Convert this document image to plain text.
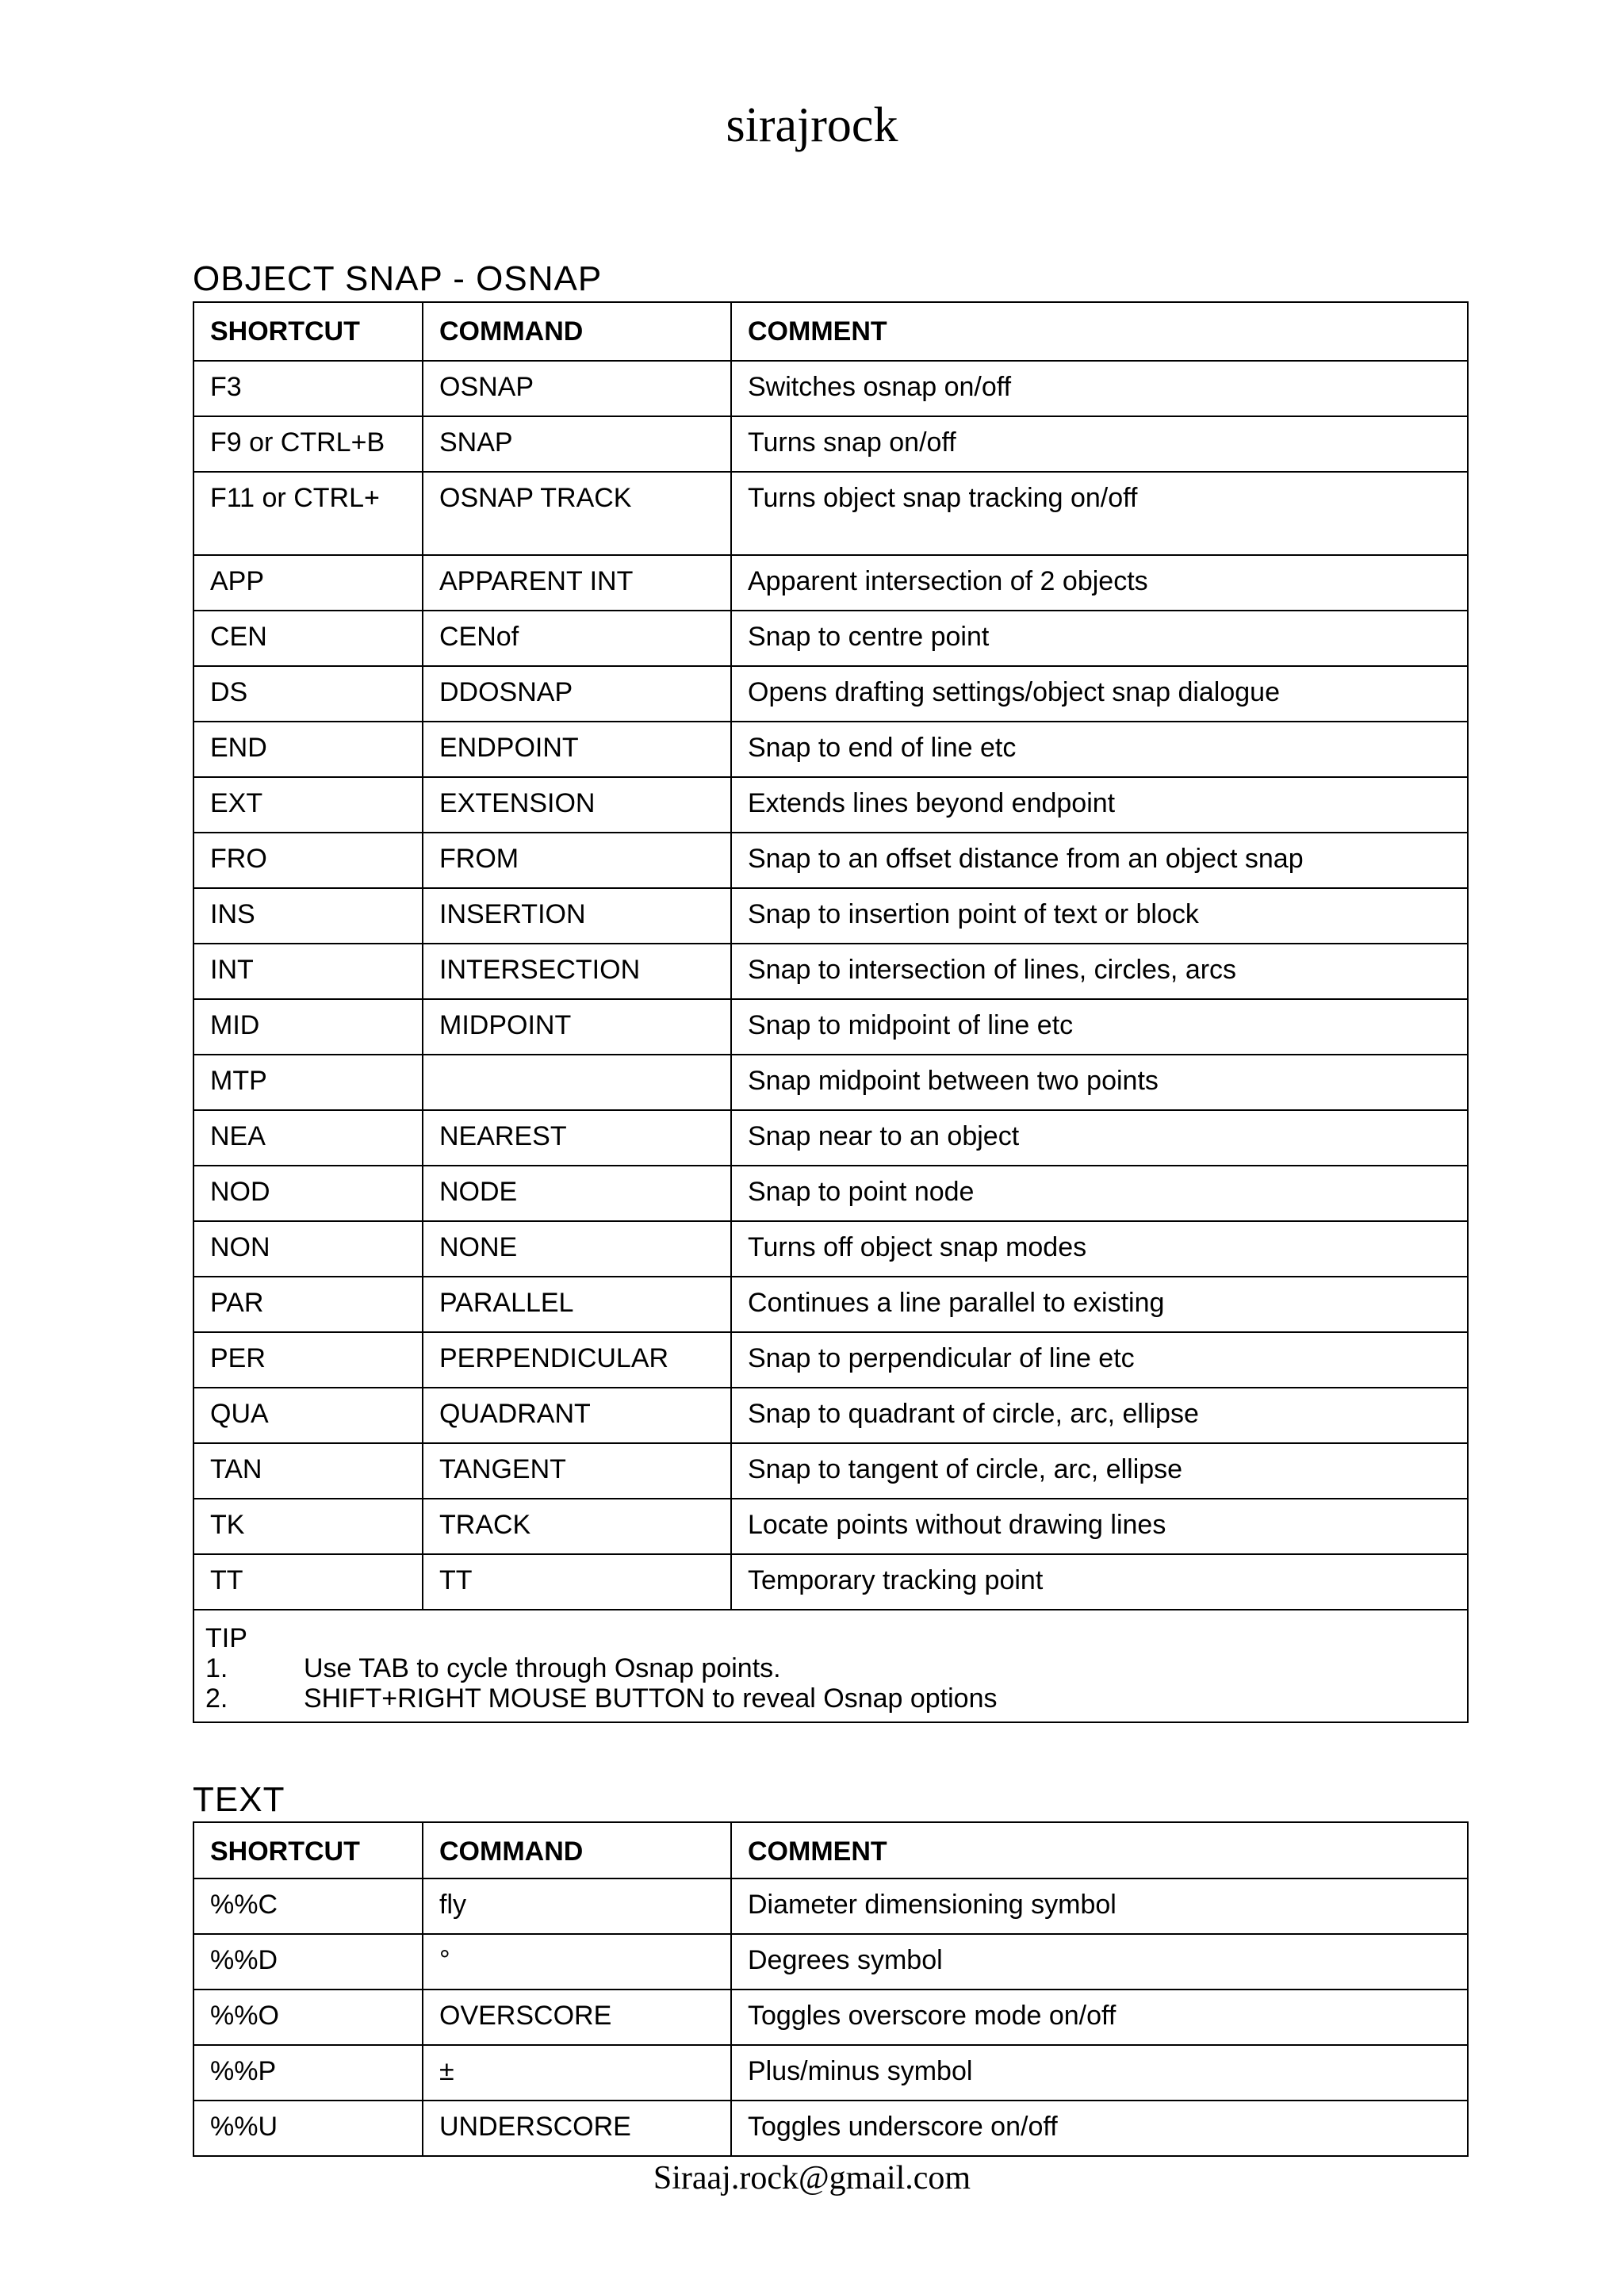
sirajrock
OBJECT SNAP - OSNAP
SHORTCUT	COMMAND	COMMENT
F3	OSNAP	Switches osnap on/off
F9 or CTRL+B	SNAP	Turns snap on/off
F11 or CTRL+	OSNAP TRACK	Turns object snap tracking on/off
APP	APPARENT INT	Apparent intersection of 2 objects
CEN	CENof	Snap to centre point
DS	DDOSNAP	Opens drafting settings/object snap dialogue
END	ENDPOINT	Snap to end of line etc
EXT	EXTENSION	Extends lines beyond endpoint
FRO	FROM	Snap to an offset distance from an object snap
INS	INSERTION	Snap to insertion point of text or block
INT	INTERSECTION	Snap to intersection of lines, circles, arcs
MID	MIDPOINT	Snap to midpoint of line etc
MTP		Snap midpoint between two points
NEA	NEAREST	Snap near to an object
NOD	NODE	Snap to point node
NON	NONE	Turns off object snap modes
PAR	PARALLEL	Continues a line parallel to existing
PER	PERPENDICULAR	Snap to perpendicular of line etc
QUA	QUADRANT	Snap to quadrant of circle, arc, ellipse
TAN	TANGENT	Snap to tangent of circle, arc, ellipse
TK	TRACK	Locate points without drawing lines
TT	TT	Temporary tracking point

TIP
1. Use TAB to cycle through Osnap points.
2. SHIFT+RIGHT MOUSE BUTTON to reveal Osnap options		
TEXT
SHORTCUT	COMMAND	COMMENT
%%C	ﬂy	Diameter dimensioning symbol
%%D	°	Degrees symbol
%%O	OVERSCORE	Toggles overscore mode on/off
%%P	±	Plus/minus symbol
%%U	UNDERSCORE	Toggles underscore on/off
Siraaj.rock@gmail.com
